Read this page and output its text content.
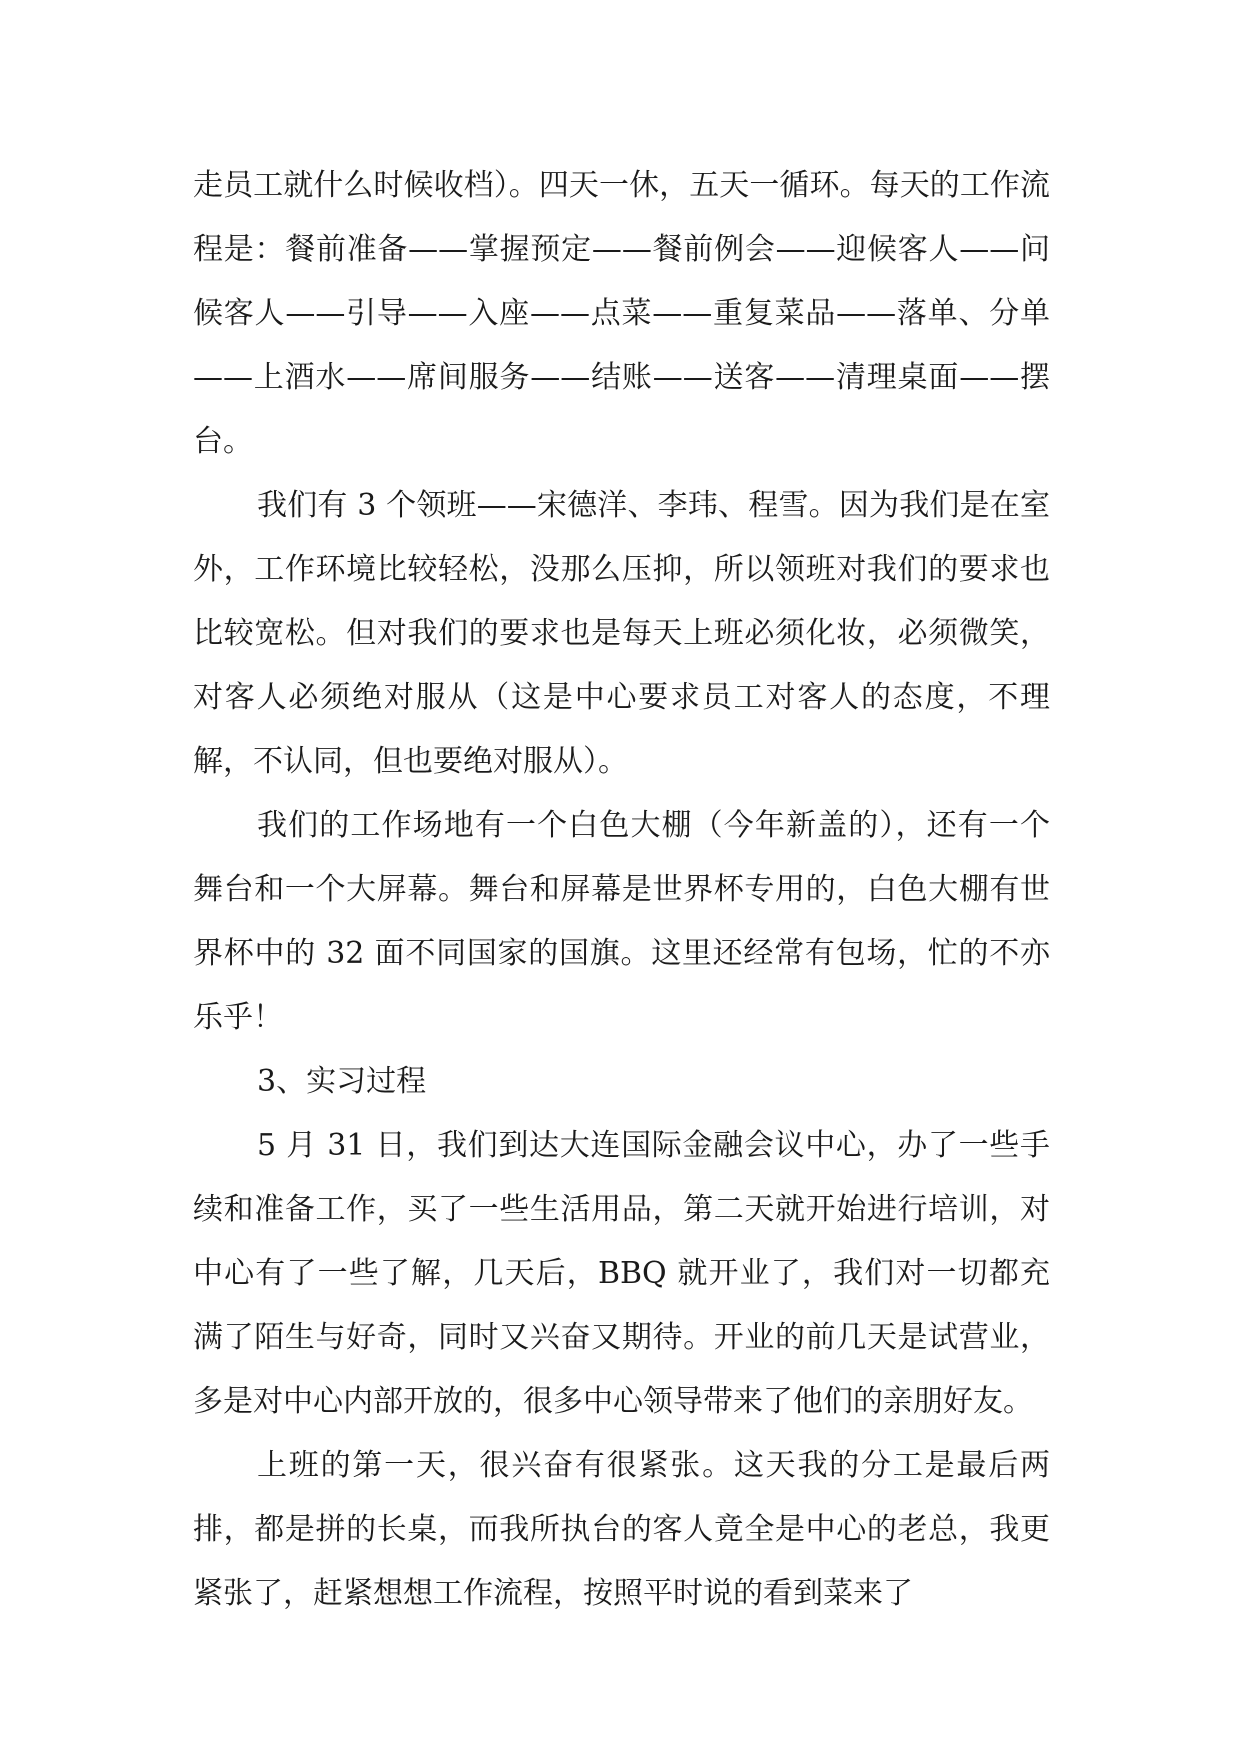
走员工就什么时候收档）。四天一休，五天一循环。每天的工作流程是：餐前准备——掌握预定——餐前例会——迎候客人——问候客人——引导——入座——点菜——重复菜品——落单、分单——上酒水——席间服务——结账——送客——清理桌面——摆台。

我们有 3 个领班——宋德洋、李玮、程雪。因为我们是在室外，工作环境比较轻松，没那么压抑，所以领班对我们的要求也比较宽松。但对我们的要求也是每天上班必须化妆，必须微笑，对客人必须绝对服从（这是中心要求员工对客人的态度，不理解，不认同，但也要绝对服从）。

我们的工作场地有一个白色大棚（今年新盖的），还有一个舞台和一个大屏幕。舞台和屏幕是世界杯专用的，白色大棚有世界杯中的 32 面不同国家的国旗。这里还经常有包场，忙的不亦乐乎！

3、实习过程

5 月 31 日，我们到达大连国际金融会议中心，办了一些手续和准备工作，买了一些生活用品，第二天就开始进行培训，对中心有了一些了解，几天后，BBQ 就开业了，我们对一切都充满了陌生与好奇，同时又兴奋又期待。开业的前几天是试营业，多是对中心内部开放的，很多中心领导带来了他们的亲朋好友。

上班的第一天，很兴奋有很紧张。这天我的分工是最后两排，都是拼的长桌，而我所执台的客人竟全是中心的老总，我更紧张了，赶紧想想工作流程，按照平时说的看到菜来了
